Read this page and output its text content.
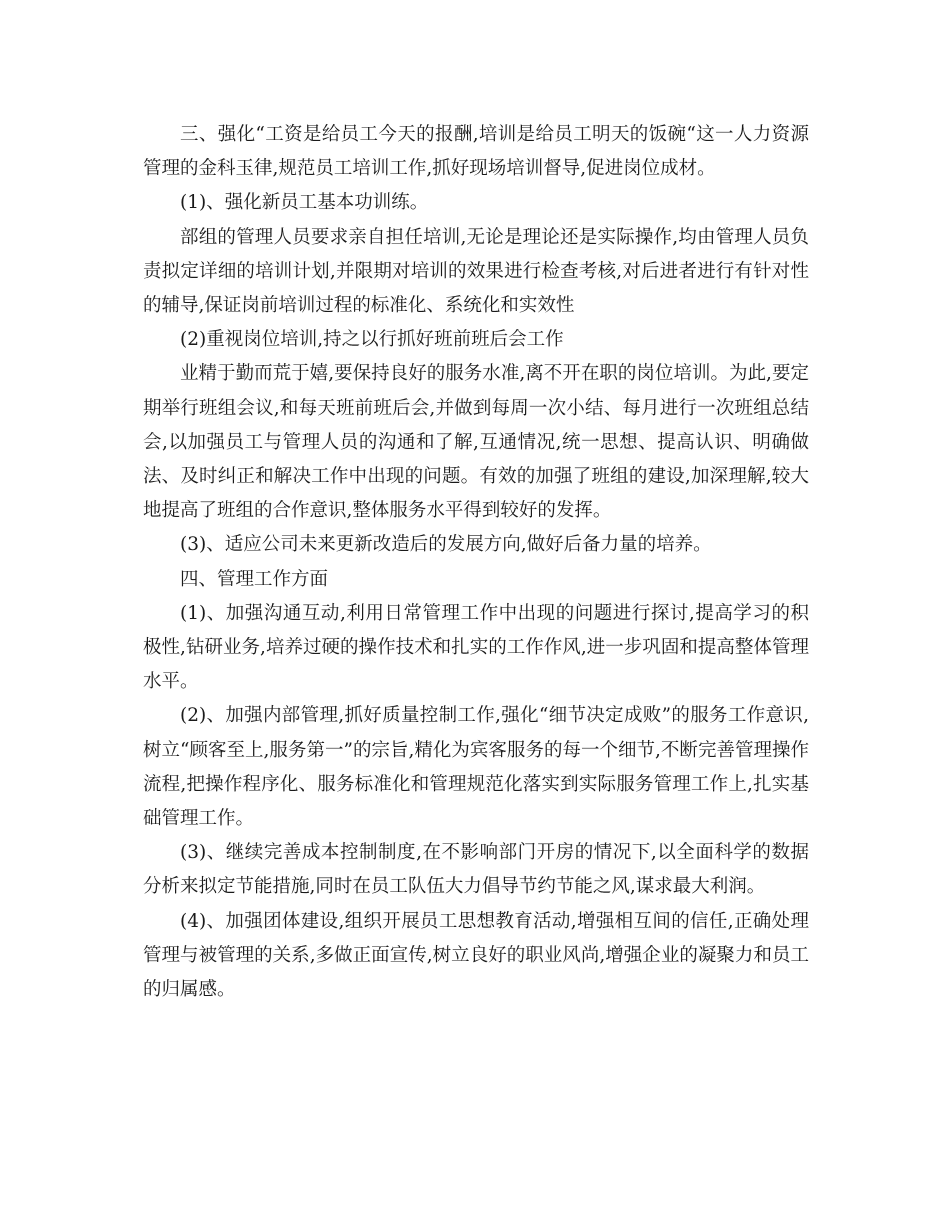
三、强化“工资是给员工今天的报酬,培训是给员工明天的饭碗“这一人力资源管理的金科玉律,规范员工培训工作,抓好现场培训督导,促进岗位成材。

(1)、强化新员工基本功训练。

部组的管理人员要求亲自担任培训,无论是理论还是实际操作,均由管理人员负责拟定详细的培训计划,并限期对培训的效果进行检查考核,对后进者进行有针对性的辅导,保证岗前培训过程的标准化、系统化和实效性

(2)重视岗位培训,持之以行抓好班前班后会工作

业精于勤而荒于嬉,要保持良好的服务水准,离不开在职的岗位培训。为此,要定期举行班组会议,和每天班前班后会,并做到每周一次小结、每月进行一次班组总结会,以加强员工与管理人员的沟通和了解,互通情况,统一思想、提高认识、明确做法、及时纠正和解决工作中出现的问题。有效的加强了班组的建设,加深理解,较大地提高了班组的合作意识,整体服务水平得到较好的发挥。

(3)、适应公司未来更新改造后的发展方向,做好后备力量的培养。

四、管理工作方面

(1)、加强沟通互动,利用日常管理工作中出现的问题进行探讨,提高学习的积极性,钻研业务,培养过硬的操作技术和扎实的工作作风,进一步巩固和提高整体管理水平。

(2)、加强内部管理,抓好质量控制工作,强化“细节决定成败”的服务工作意识,树立“顾客至上,服务第一”的宗旨,精化为宾客服务的每一个细节,不断完善管理操作流程,把操作程序化、服务标准化和管理规范化落实到实际服务管理工作上,扎实基础管理工作。

(3)、继续完善成本控制制度,在不影响部门开房的情况下,以全面科学的数据分析来拟定节能措施,同时在员工队伍大力倡导节约节能之风,谋求最大利润。

(4)、加强团体建设,组织开展员工思想教育活动,增强相互间的信任,正确处理管理与被管理的关系,多做正面宣传,树立良好的职业风尚,增强企业的凝聚力和员工的归属感。
